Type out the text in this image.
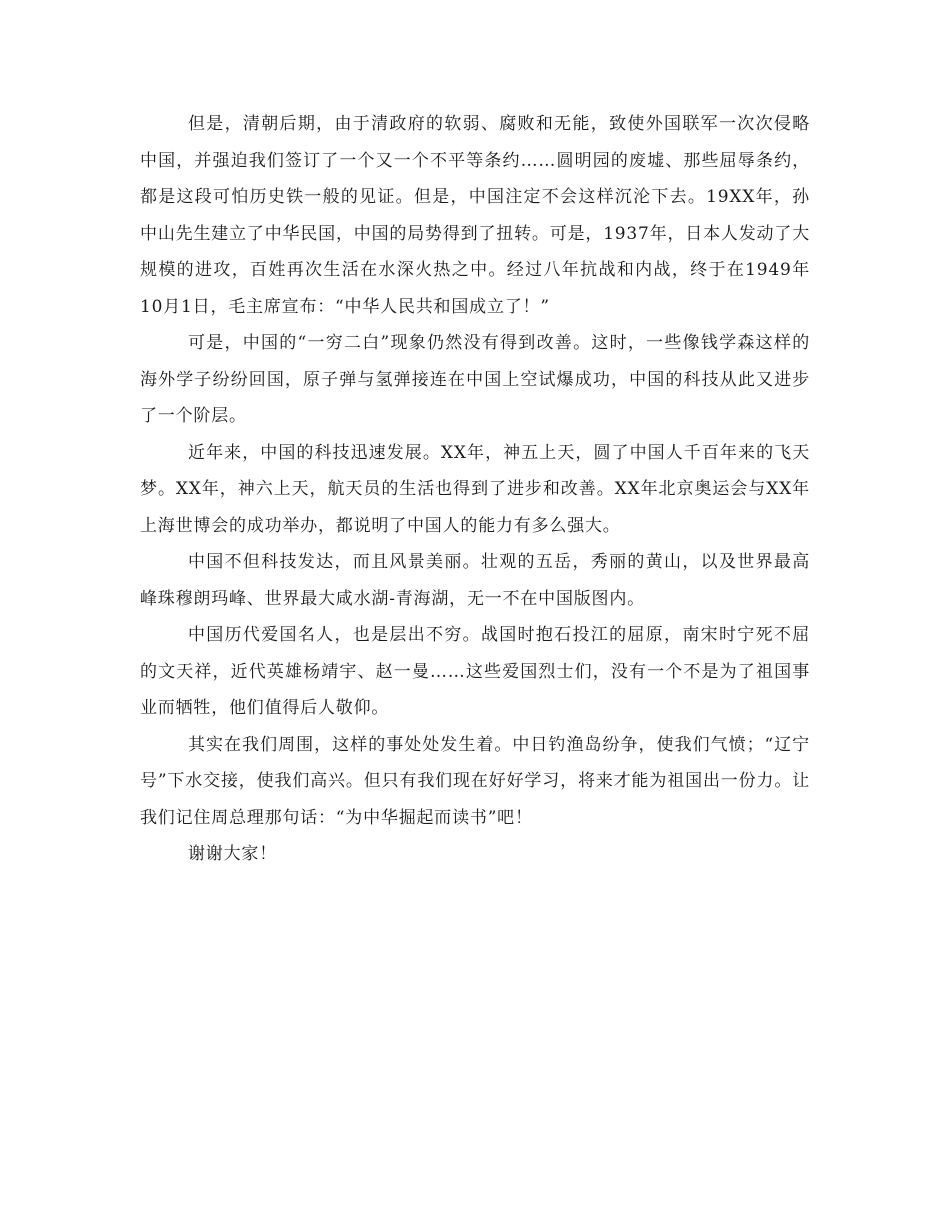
但是，清朝后期，由于清政府的软弱、腐败和无能，致使外国联军一次次侵略中国，并强迫我们签订了一个又一个不平等条约……圆明园的废墟、那些屈辱条约，都是这段可怕历史铁一般的见证。但是，中国注定不会这样沉沦下去。19XX年，孙中山先生建立了中华民国，中国的局势得到了扭转。可是，1937年，日本人发动了大规模的进攻，百姓再次生活在水深火热之中。经过八年抗战和内战，终于在1949年10月1日，毛主席宣布：“中华人民共和国成立了！”

可是，中国的“一穷二白”现象仍然没有得到改善。这时，一些像钱学森这样的海外学子纷纷回国，原子弹与氢弹接连在中国上空试爆成功，中国的科技从此又进步了一个阶层。

近年来，中国的科技迅速发展。XX年，神五上天，圆了中国人千百年来的飞天梦。XX年，神六上天，航天员的生活也得到了进步和改善。XX年北京奥运会与XX年上海世博会的成功举办，都说明了中国人的能力有多么强大。

中国不但科技发达，而且风景美丽。壮观的五岳，秀丽的黄山，以及世界最高峰珠穆朗玛峰、世界最大咸水湖-青海湖，无一不在中国版图内。

中国历代爱国名人，也是层出不穷。战国时抱石投江的屈原，南宋时宁死不屈的文天祥，近代英雄杨靖宇、赵一曼……这些爱国烈士们，没有一个不是为了祖国事业而牺牲，他们值得后人敬仰。

其实在我们周围，这样的事处处发生着。中日钓渔岛纷争，使我们气愤；“辽宁号”下水交接，使我们高兴。但只有我们现在好好学习，将来才能为祖国出一份力。让我们记住周总理那句话：“为中华掘起而读书”吧！

谢谢大家！
